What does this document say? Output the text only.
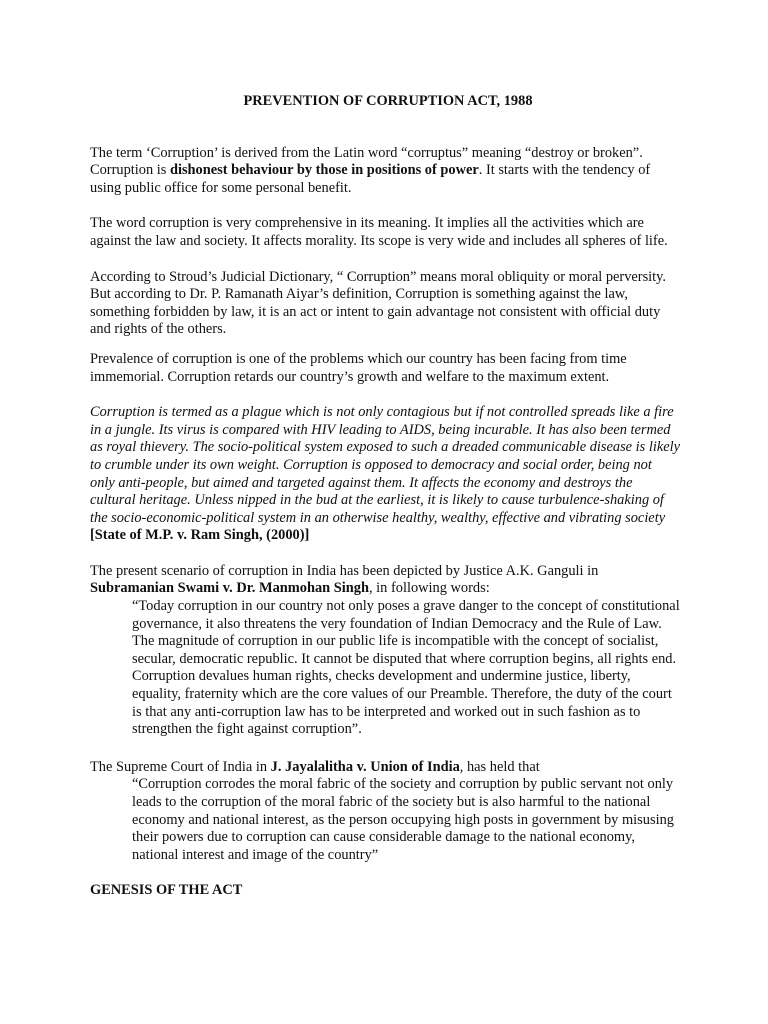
PREVENTION OF CORRUPTION ACT, 1988

The term ‘Corruption’ is derived from the Latin word “corruptus” meaning “destroy or broken”. Corruption is dishonest behaviour by those in positions of power. It starts with the tendency of using public office for some personal benefit.

The word corruption is very comprehensive in its meaning. It implies all the activities which are against the law and society. It affects morality. Its scope is very wide and includes all spheres of life.

According to Stroud’s Judicial Dictionary, “ Corruption” means moral obliquity or moral perversity. But according to Dr. P. Ramanath Aiyar’s definition, Corruption is something against the law, something forbidden by law, it is an act or intent to gain advantage not consistent with official duty and rights of the others.

Prevalence of corruption is one of the problems which our country has been facing from time immemorial. Corruption retards our country’s growth and welfare to the maximum extent.

Corruption is termed as a plague which is not only contagious but if not controlled spreads like a fire in a jungle. Its virus is compared with HIV leading to AIDS, being incurable. It has also been termed as royal thievery. The socio-political system exposed to such a dreaded communicable disease is likely to crumble under its own weight. Corruption is opposed to democracy and social order, being not only anti-people, but aimed and targeted against them. It affects the economy and destroys the cultural heritage. Unless nipped in the bud at the earliest, it is likely to cause turbulence-shaking of the socio-economic-political system in an otherwise healthy, wealthy, effective and vibrating society [State of M.P. v. Ram Singh, (2000)]

The present scenario of corruption in India has been depicted by Justice A.K. Ganguli in Subramanian Swami v. Dr. Manmohan Singh, in following words:

“Today corruption in our country not only poses a grave danger to the concept of constitutional governance, it also threatens the very foundation of Indian Democracy and the Rule of Law. The magnitude of corruption in our public life is incompatible with the concept of socialist, secular, democratic republic. It cannot be disputed that where corruption begins, all rights end. Corruption devalues human rights, checks development and undermine justice, liberty, equality, fraternity which are the core values of our Preamble. Therefore, the duty of the court is that any anti-corruption law has to be interpreted and worked out in such fashion as to strengthen the fight against corruption”.

The Supreme Court of India in J. Jayalalitha v. Union of India, has held that

“Corruption corrodes the moral fabric of the society and corruption by public servant not only leads to the corruption of the moral fabric of the society but is also harmful to the national economy and national interest, as the person occupying high posts in government by misusing their powers due to corruption can cause considerable damage to the national economy, national interest and image of the country”
GENESIS OF THE ACT
